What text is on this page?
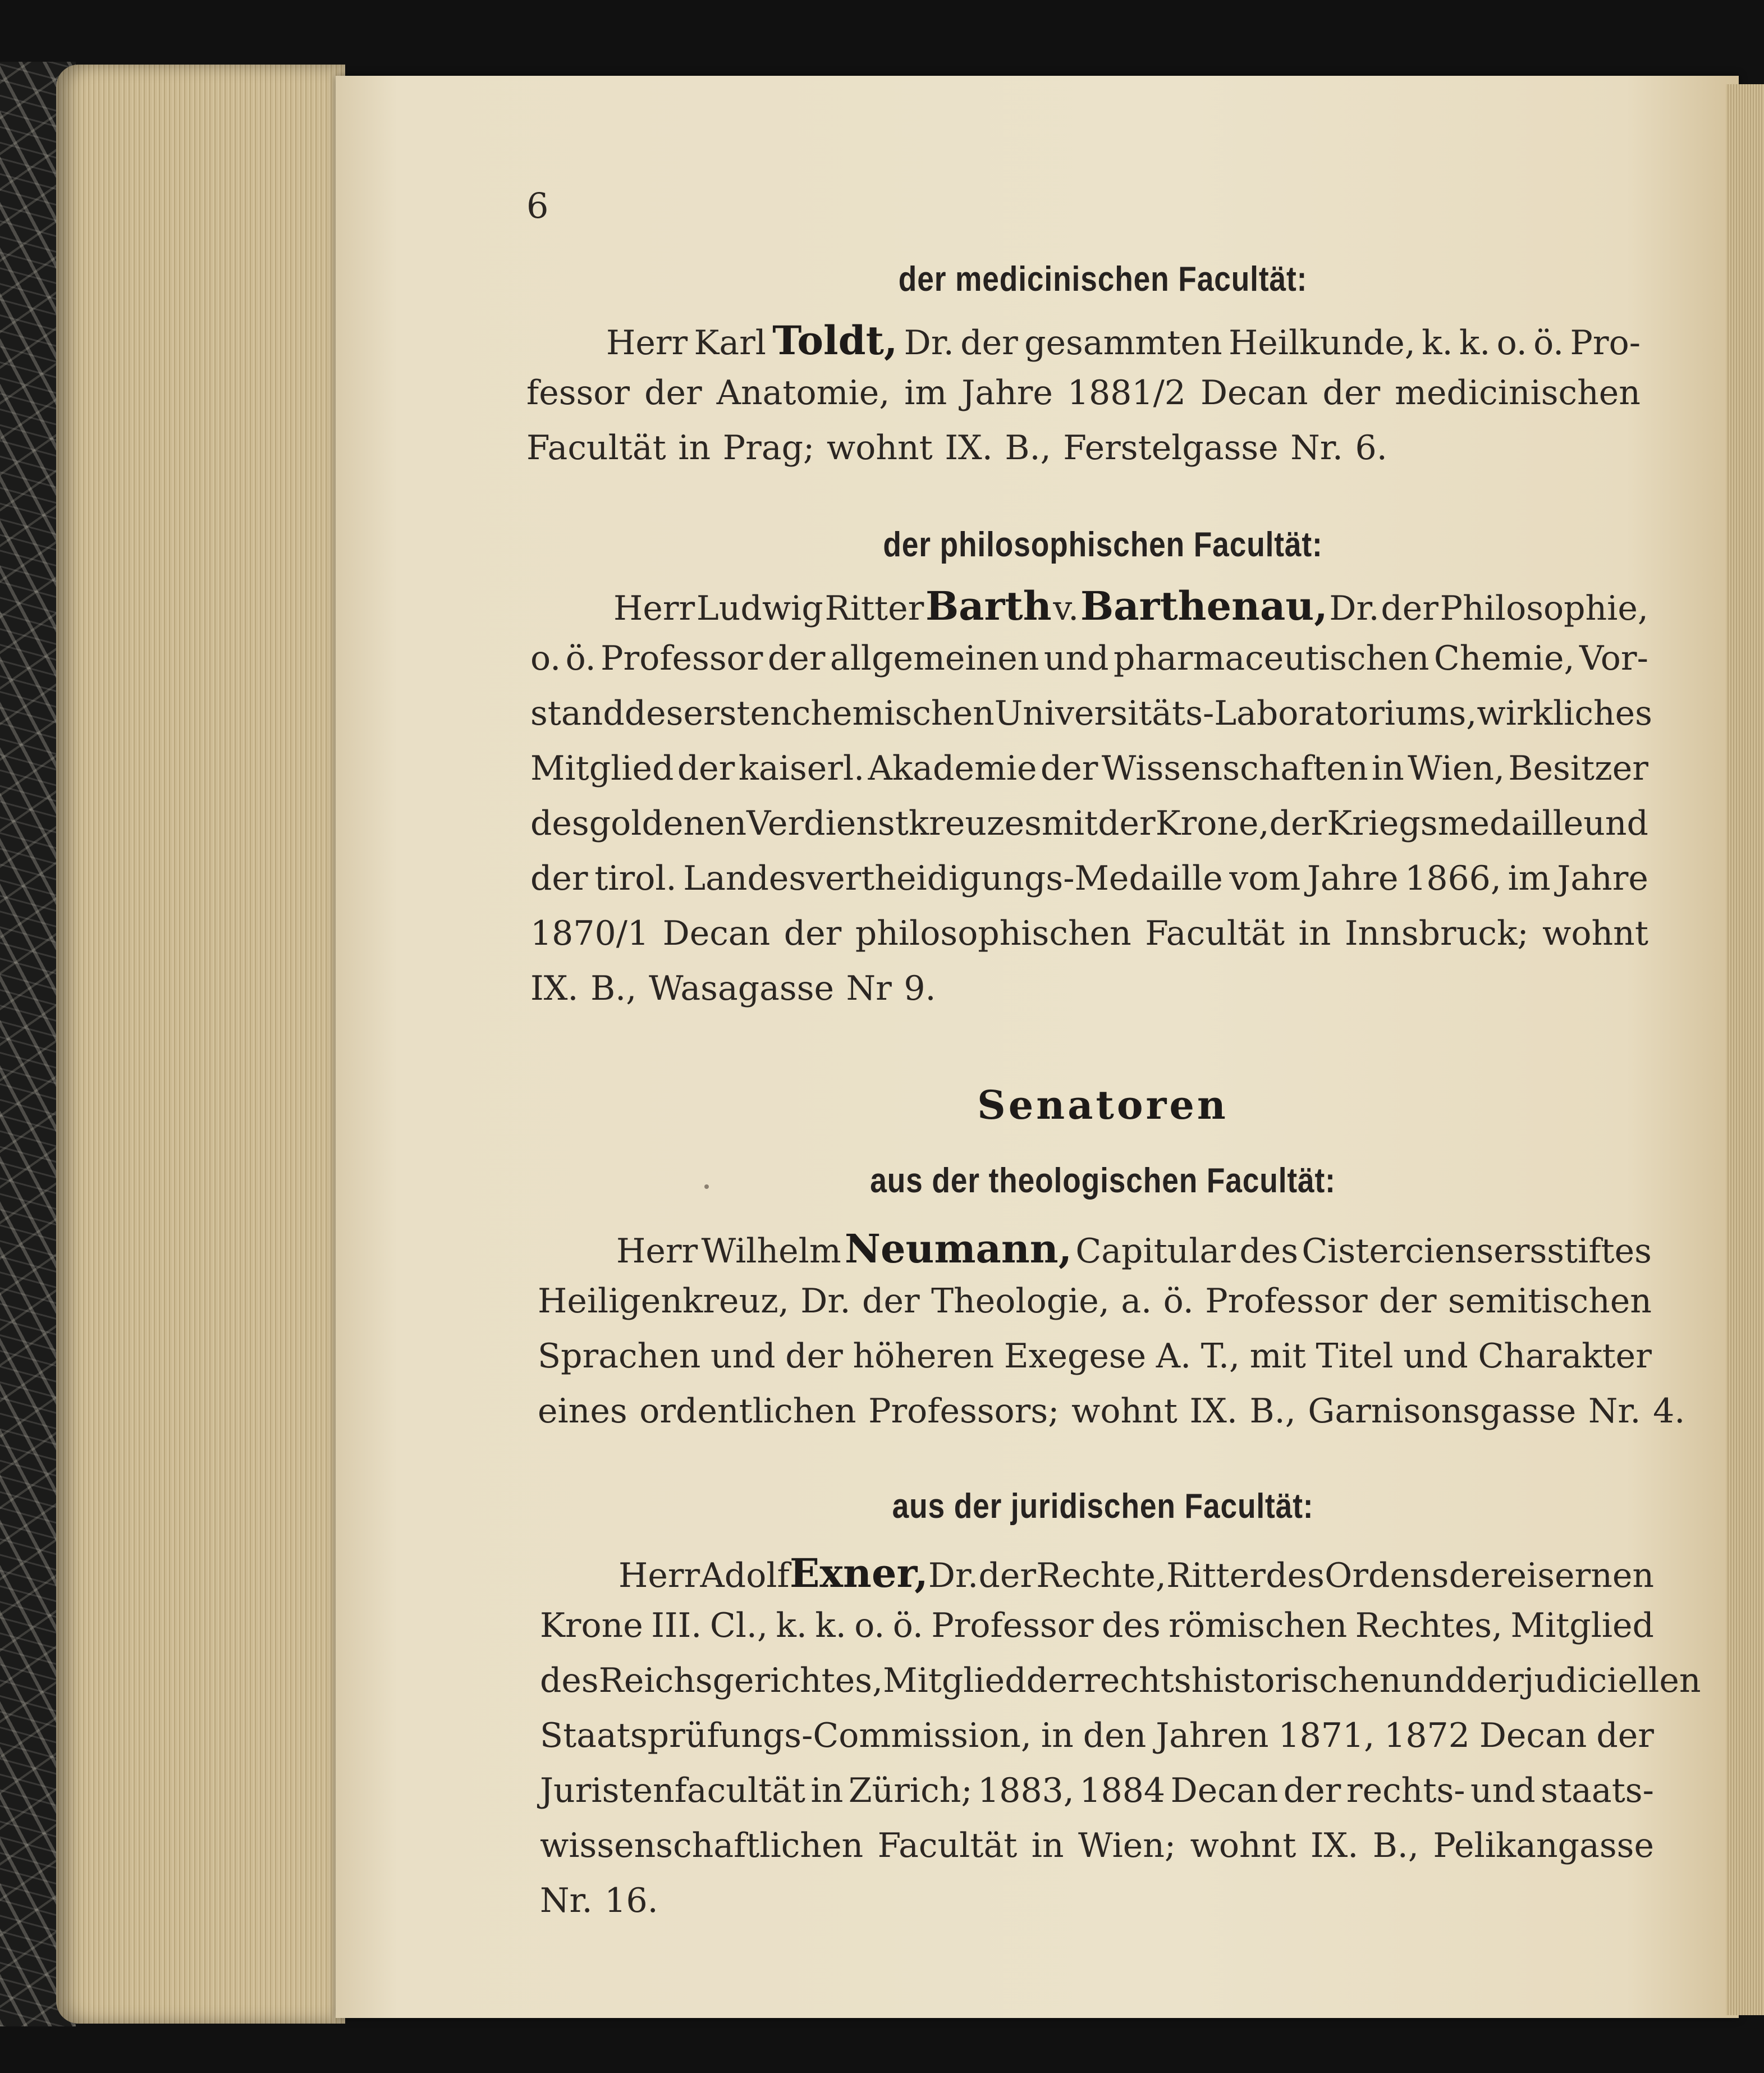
6

der medicinischen Facultät:

Herr Karl Toldt, Dr. der gesammten Heilkunde, k. k. o. ö. Pro-

fessor der Anatomie, im Jahre 1881/2 Decan der medicinischen

Facultät in Prag; wohnt IX. B., Ferstelgasse Nr. 6.

der philosophischen Facultät:

Herr Ludwig Ritter Barth v. Barthenau, Dr. der Philosophie,

o. ö. Professor der allgemeinen und pharmaceutischen Chemie, Vor-

stand des ersten chemischen Universitäts-Laboratoriums, wirkliches

Mitglied der kaiserl. Akademie der Wissenschaften in Wien, Besitzer

des goldenen Verdienstkreuzes mit der Krone, der Kriegsmedaille und

der tirol. Landesvertheidigungs-Medaille vom Jahre 1866, im Jahre

1870/1 Decan der philosophischen Facultät in Innsbruck; wohnt

IX. B., Wasagasse Nr 9.

Senatoren
aus der theologischen Facultät:

Herr Wilhelm Neumann, Capitular des Cisterciensersstiftes

Heiligenkreuz, Dr. der Theologie, a. ö. Professor der semitischen

Sprachen und der höheren Exegese A. T., mit Titel und Charakter

eines ordentlichen Professors; wohnt IX. B., Garnisonsgasse Nr. 4.

aus der juridischen Facultät:

Herr Adolf Exner, Dr. der Rechte, Ritter des Ordens der eisernen

Krone III. Cl., k. k. o. ö. Professor des römischen Rechtes, Mitglied

des Reichsgerichtes, Mitglied der rechtshistorischen und der judiciellen

Staatsprüfungs-Commission, in den Jahren 1871, 1872 Decan der

Juristenfacultät in Zürich; 1883, 1884 Decan der rechts- und staats-

wissenschaftlichen Facultät in Wien; wohnt IX. B., Pelikangasse

Nr. 16.
